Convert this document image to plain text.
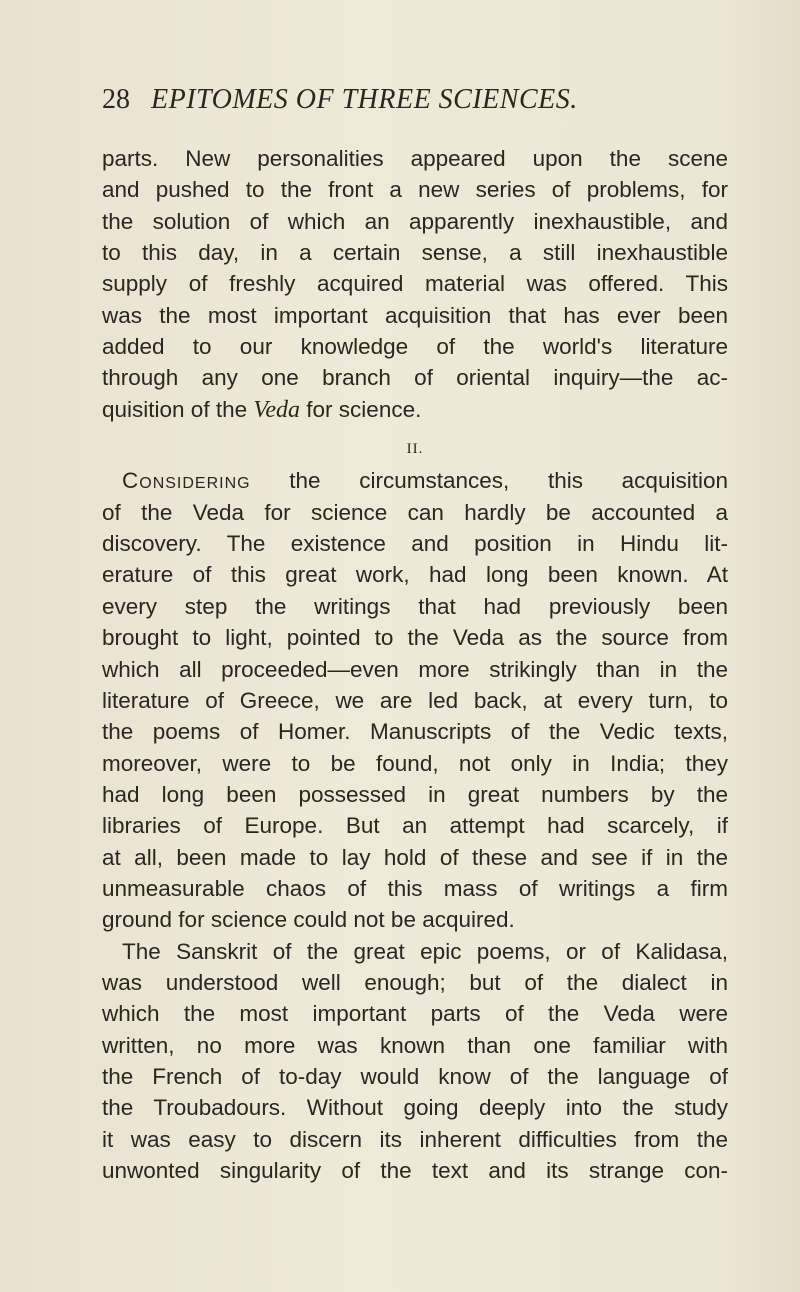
28 EPITOMES OF THREE SCIENCES.
parts. New personalities appeared upon the scene
and pushed to the front a new series of problems, for
the solution of which an apparently inexhaustible, and
to this day, in a certain sense, a still inexhaustible
supply of freshly acquired material was offered. This
was the most important acquisition that has ever been
added to our knowledge of the world's literature
through any one branch of oriental inquiry—the ac-
quisition of the Veda for science.
II.
Considering the circumstances, this acquisition
of the Veda for science can hardly be accounted a
discovery. The existence and position in Hindu lit-
erature of this great work, had long been known. At
every step the writings that had previously been
brought to light, pointed to the Veda as the source from
which all proceeded—even more strikingly than in the
literature of Greece, we are led back, at every turn, to
the poems of Homer. Manuscripts of the Vedic texts,
moreover, were to be found, not only in India; they
had long been possessed in great numbers by the
libraries of Europe. But an attempt had scarcely, if
at all, been made to lay hold of these and see if in the
unmeasurable chaos of this mass of writings a firm
ground for science could not be acquired.
The Sanskrit of the great epic poems, or of Kalidasa,
was understood well enough; but of the dialect in
which the most important parts of the Veda were
written, no more was known than one familiar with
the French of to-day would know of the language of
the Troubadours. Without going deeply into the study
it was easy to discern its inherent difficulties from the
unwonted singularity of the text and its strange con-
